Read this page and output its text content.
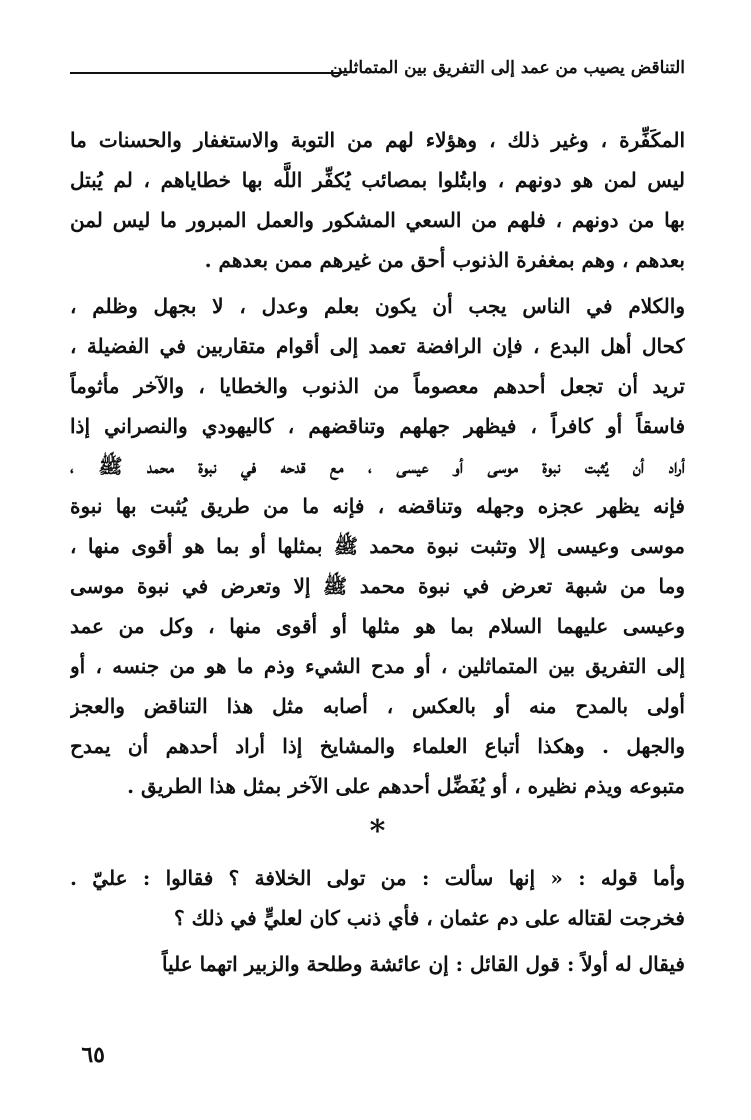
التناقض يصيب من عمد إلى التفريق بين المتماثلين
المكَفِّرة ، وغير ذلك ، وهؤلاء لهم من التوبة والاستغفار والحسنات ما
ليس لمن هو دونهم ، وابتُلوا بمصائب يُكفِّر اللَّه بها خطاياهم ، لم يُبتل
بها من دونهم ، فلهم من السعي المشكور والعمل المبرور ما ليس لمن
بعدهم ، وهم بمغفرة الذنوب أحق من غيرهم ممن بعدهم .
والكلام في الناس يجب أن يكون بعلم وعدل ، لا بجهل وظلم ،
كحال أهل البدع ، فإن الرافضة تعمد إلى أقوام متقاربين في الفضيلة ،
تريد أن تجعل أحدهم معصوماً من الذنوب والخطايا ، والآخر مأثوماً
فاسقاً أو كافراً ، فيظهر جهلهم وتناقضهم ، كاليهودي والنصراني إذا
أراد أن يُثبت نبوة موسى أو عيسى ، مع قدحه في نبوة محمد ﷺ ،
فإنه يظهر عجزه وجهله وتناقضه ، فإنه ما من طريق يُثبت بها نبوة
موسى وعيسى إلا وتثبت نبوة محمد ﷺ بمثلها أو بما هو أقوى منها ،
وما من شبهة تعرض في نبوة محمد ﷺ إلا وتعرض في نبوة موسى
وعيسى عليهما السلام بما هو مثلها أو أقوى منها ، وكل من عمد
إلى التفريق بين المتماثلين ، أو مدح الشيء وذم ما هو من جنسه ، أو
أولى بالمدح منه أو بالعكس ، أصابه مثل هذا التناقض والعجز
والجهل . وهكذا أتباع العلماء والمشايخ إذا أراد أحدهم أن يمدح
متبوعه ويذم نظيره ، أو يُفَضِّل أحدهم على الآخر بمثل هذا الطريق .
*
وأما قوله : « إنها سألت : من تولى الخلافة ؟ فقالوا : عليّ .
فخرجت لقتاله على دم عثمان ، فأي ذنب كان لعليٍّ في ذلك ؟
فيقال له أولاً : قول القائل : إن عائشة وطلحة والزبير اتهما علياً
٦٥
